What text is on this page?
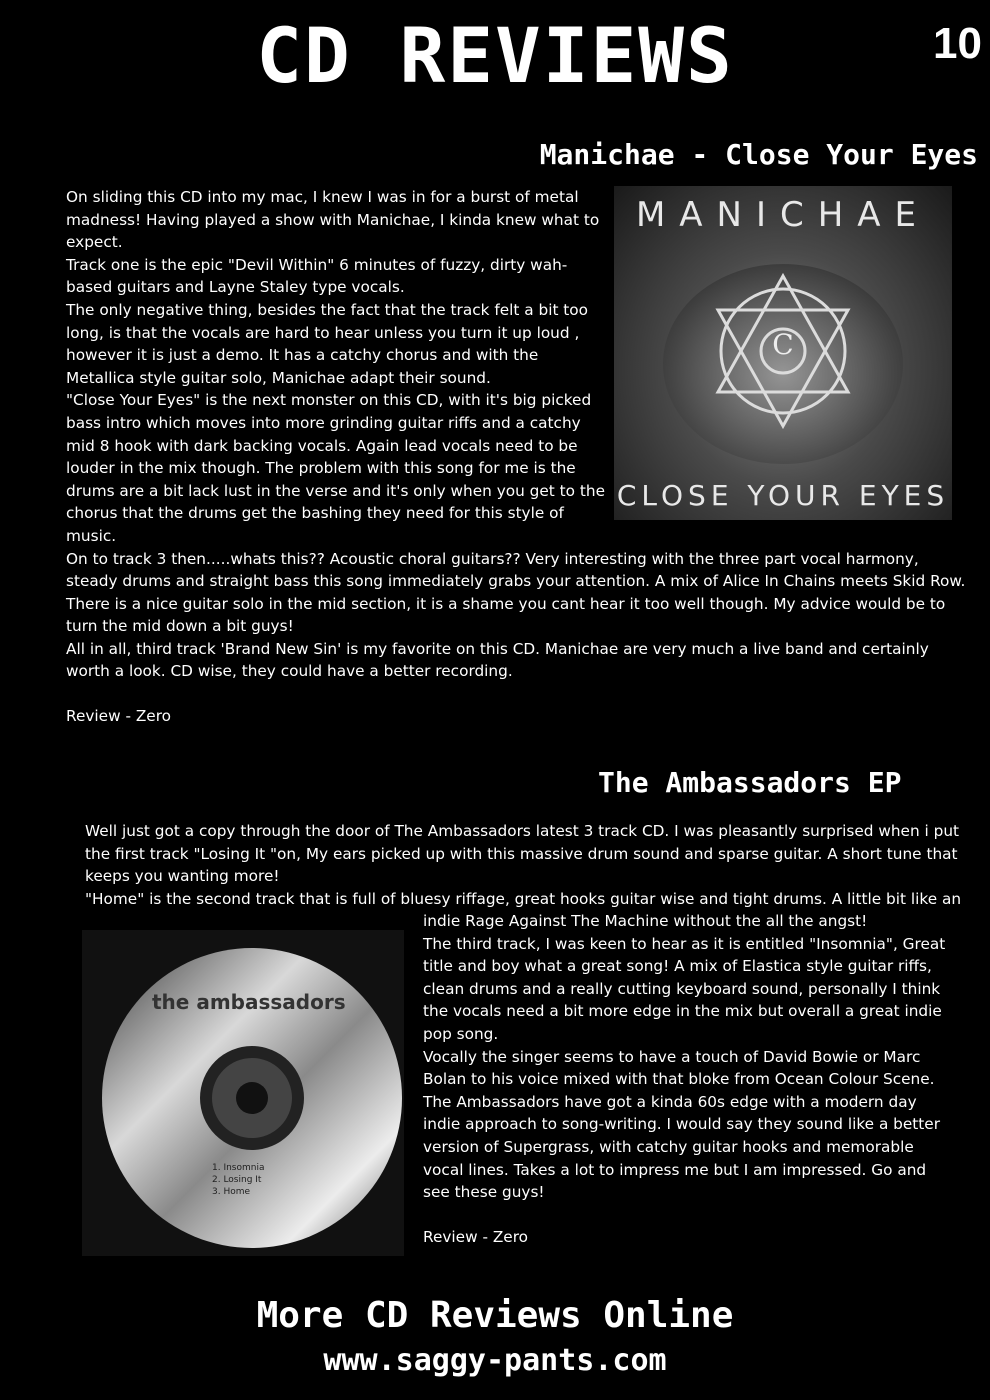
CD REVIEWS	10
Manichae - Close Your Eyes
MANICHAE
C
CLOSE YOUR EYES

On sliding this CD into my mac, I knew I was in for a burst of metal madness! Having played a show with Manichae, I kinda knew what to expect.

Track one is the epic "Devil Within" 6 minutes of fuzzy, dirty wah-based guitars and Layne Staley type vocals.

The only negative thing, besides the fact that the track felt a bit too long, is that the vocals are hard to hear unless you turn it up loud , however it is just a demo. It has a catchy chorus and with the Metallica style guitar solo, Manichae adapt their sound.

"Close Your Eyes" is the next monster on this CD, with it's big picked bass intro which moves into more grinding guitar riffs and a catchy mid 8 hook with dark backing vocals. Again lead vocals need to be louder in the mix though. The problem with this song for me is the drums are a bit lack lust in the verse and it's only when you get to the chorus that the drums get the bashing they need for this style of music.

On to track 3 then.....whats this?? Acoustic choral guitars?? Very interesting with the three part vocal harmony, steady drums and straight bass this song immediately grabs your attention. A mix of Alice In Chains meets Skid Row. There is a nice guitar solo in the mid section, it is a shame you cant hear it too well though. My advice would be to turn the mid down a bit guys!

All in all, third track 'Brand New Sin' is my favorite on this CD. Manichae are very much a live band and certainly worth a look. CD wise, they could have a better recording.

Review - Zero

The Ambassadors EP

Well just got a copy through the door of The Ambassadors latest 3 track CD. I was pleasantly surprised when i put the first track "Losing It "on, My ears picked up with this massive drum sound and sparse guitar. A short tune that keeps you wanting more!

"Home" is the second track that is full of bluesy riffage, great hooks guitar wise and tight drums. A little bit like an

the ambassadors
1. Insomnia
2. Losing It
3. Home

indie Rage Against The Machine without the all the angst!

The third track, I was keen to hear as it is entitled "Insomnia", Great title and boy what a great song! A mix of Elastica style guitar riffs, clean drums and a really cutting keyboard sound, personally I think the vocals need a bit more edge in the mix but overall a great indie pop song.

Vocally the singer seems to have a touch of David Bowie or Marc Bolan to his voice mixed with that bloke from Ocean Colour Scene. The Ambassadors have got a kinda 60s edge with a modern day indie approach to song-writing. I would say they sound like a better version of Supergrass, with catchy guitar hooks and memorable vocal lines. Takes a lot to impress me but I am impressed. Go and see these guys!

Review - Zero

More CD Reviews Online
www.saggy-pants.com
